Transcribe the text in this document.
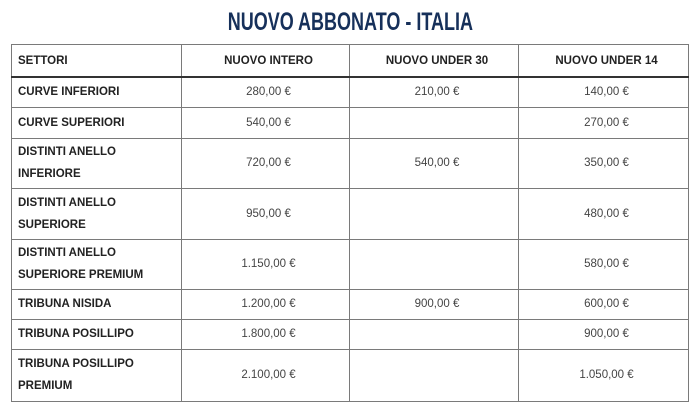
NUOVO ABBONATO - ITALIA
SETTORI	NUOVO INTERO	NUOVO UNDER 30	NUOVO UNDER 14
CURVE INFERIORI	280,00 €	210,00 €	140,00 €
CURVE SUPERIORI	540,00 €		270,00 €
DISTINTI ANELLO INFERIORE	720,00 €	540,00 €	350,00 €
DISTINTI ANELLO SUPERIORE	950,00 €		480,00 €
DISTINTI ANELLO SUPERIORE PREMIUM	1.150,00 €		580,00 €
TRIBUNA NISIDA	1.200,00 €	900,00 €	600,00 €
TRIBUNA POSILLIPO	1.800,00 €		900,00 €
TRIBUNA POSILLIPO PREMIUM	2.100,00 €		1.050,00 €
